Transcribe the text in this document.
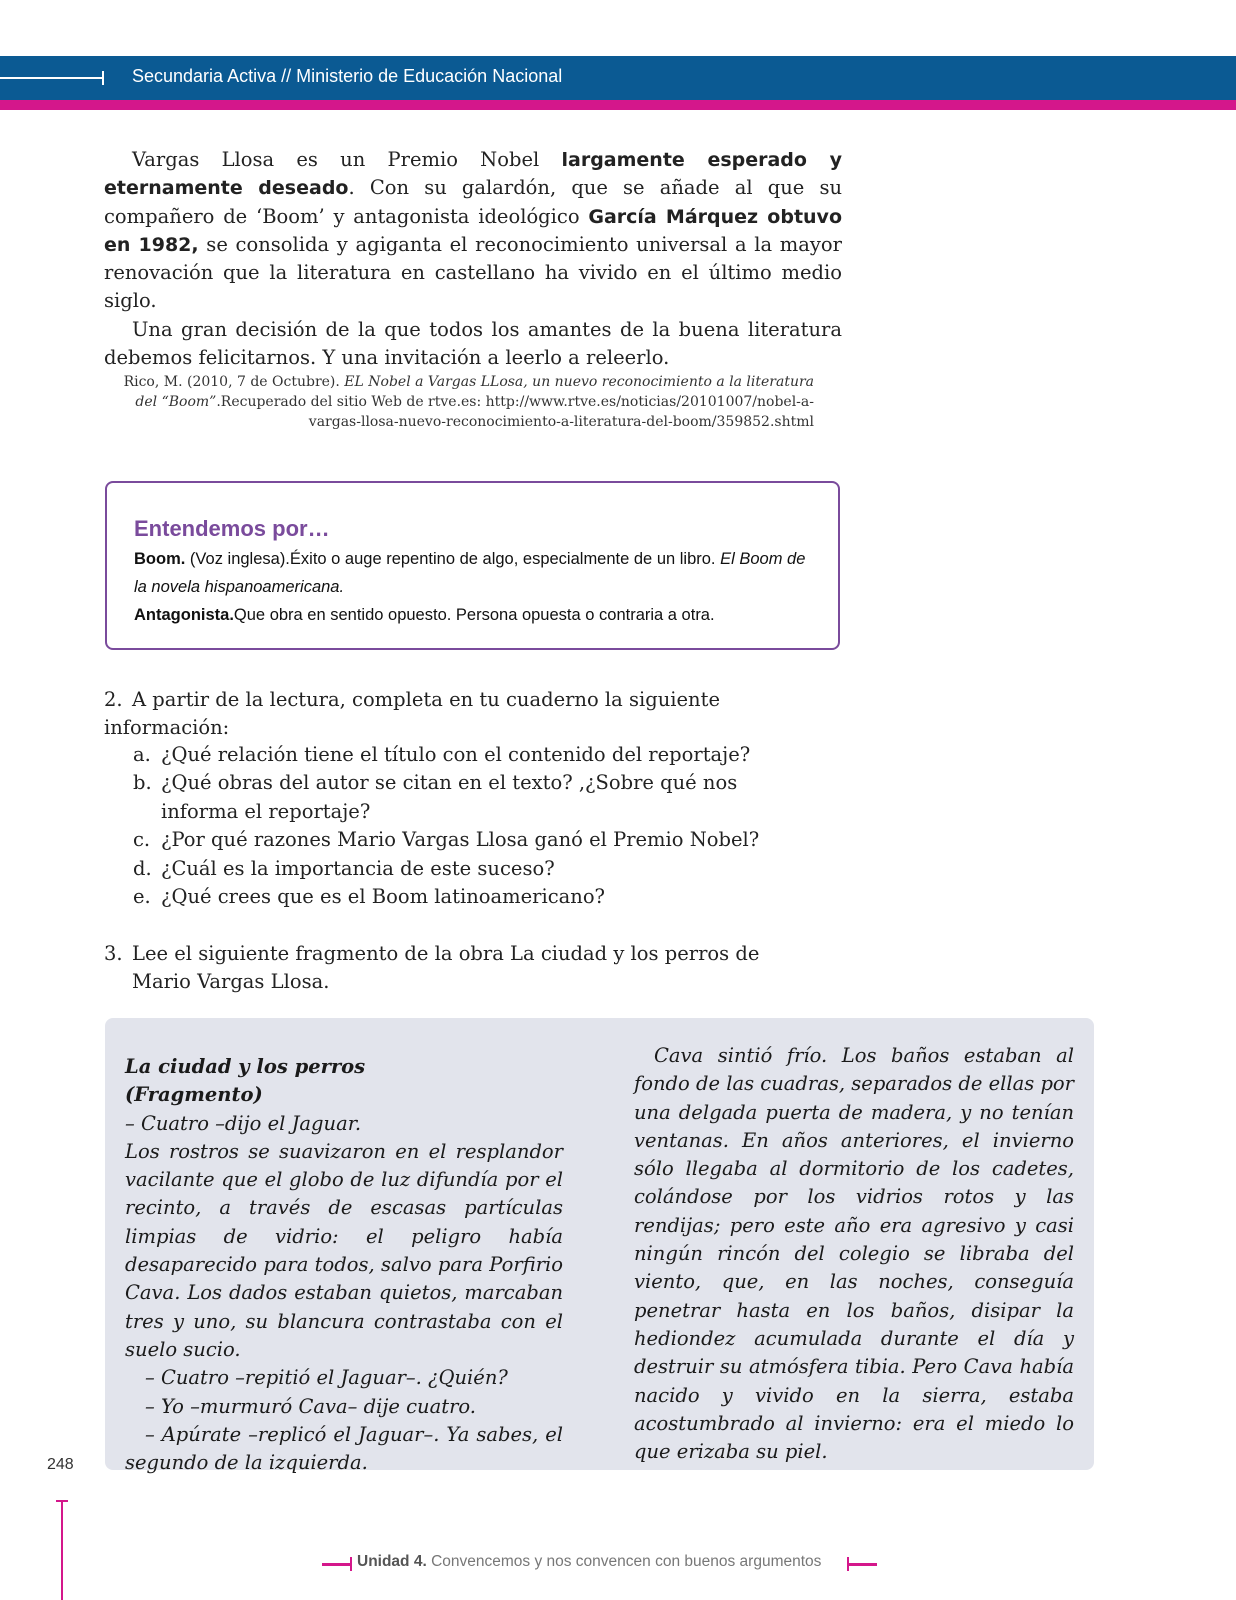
Secundaria Activa // Ministerio de Educación Nacional

Vargas Llosa es un Premio Nobel largamente esperado y eternamente deseado. Con su galardón, que se añade al que su compañero de ‘Boom’ y antagonista ideológico García Márquez obtuvo en 1982, se consolida y agiganta el reconocimiento universal a la mayor renovación que la literatura en castellano ha vivido en el último medio siglo.

Una gran decisión de la que todos los amantes de la buena literatura debemos felicitarnos. Y una invitación a leerlo a releerlo.

Rico, M. (2010, 7 de Octubre). EL Nobel a Vargas LLosa, un nuevo reconocimiento a la literatura del “Boom”.Recuperado del sitio Web de rtve.es: http://www.rtve.es/noticias/20101007/nobel-a-vargas-llosa-nuevo-reconocimiento-a-literatura-del-boom/359852.shtml
Entendemos por…
Boom. (Voz inglesa).Éxito o auge repentino de algo, especialmente de un libro. El Boom de la novela hispanoamericana.
Antagonista.Que obra en sentido opuesto. Persona opuesta o contraria a otra.
2. A partir de la lectura, completa en tu cuaderno la siguiente información:
a. ¿Qué relación tiene el título con el contenido del reportaje?
b. ¿Qué obras del autor se citan en el texto? ,¿Sobre qué nos informa el reportaje?
c. ¿Por qué razones Mario Vargas Llosa ganó el Premio Nobel?
d. ¿Cuál es la importancia de este suceso?
e. ¿Qué crees que es el Boom latinoamericano?
3. Lee el siguiente fragmento de la obra La ciudad y los perros de Mario Vargas Llosa.
La ciudad y los perros
(Fragmento)
– Cuatro –dijo el Jaguar.
Los rostros se suavizaron en el resplandor vacilante que el globo de luz difundía por el recinto, a través de escasas partículas limpias de vidrio: el peligro había desaparecido para todos, salvo para Porfirio Cava. Los dados estaban quietos, marcaban tres y uno, su blancura contrastaba con el suelo sucio.
– Cuatro –repitió el Jaguar–. ¿Quién?
– Yo –murmuró Cava– dije cuatro.
– Apúrate –replicó el Jaguar–. Ya sabes, el segundo de la izquierda.
Cava sintió frío. Los baños estaban al fondo de las cuadras, separados de ellas por una delgada puerta de madera, y no tenían ventanas. En años anteriores, el invierno sólo llegaba al dormitorio de los cadetes, colándose por los vidrios rotos y las rendijas; pero este año era agresivo y casi ningún rincón del colegio se libraba del viento, que, en las noches, conseguía penetrar hasta en los baños, disipar la hediondez acumulada durante el día y destruir su atmósfera tibia. Pero Cava había nacido y vivido en la sierra, estaba acostumbrado al invierno: era el miedo lo que erizaba su piel.
248
Unidad 4. Convencemos y nos convencen con buenos argumentos
